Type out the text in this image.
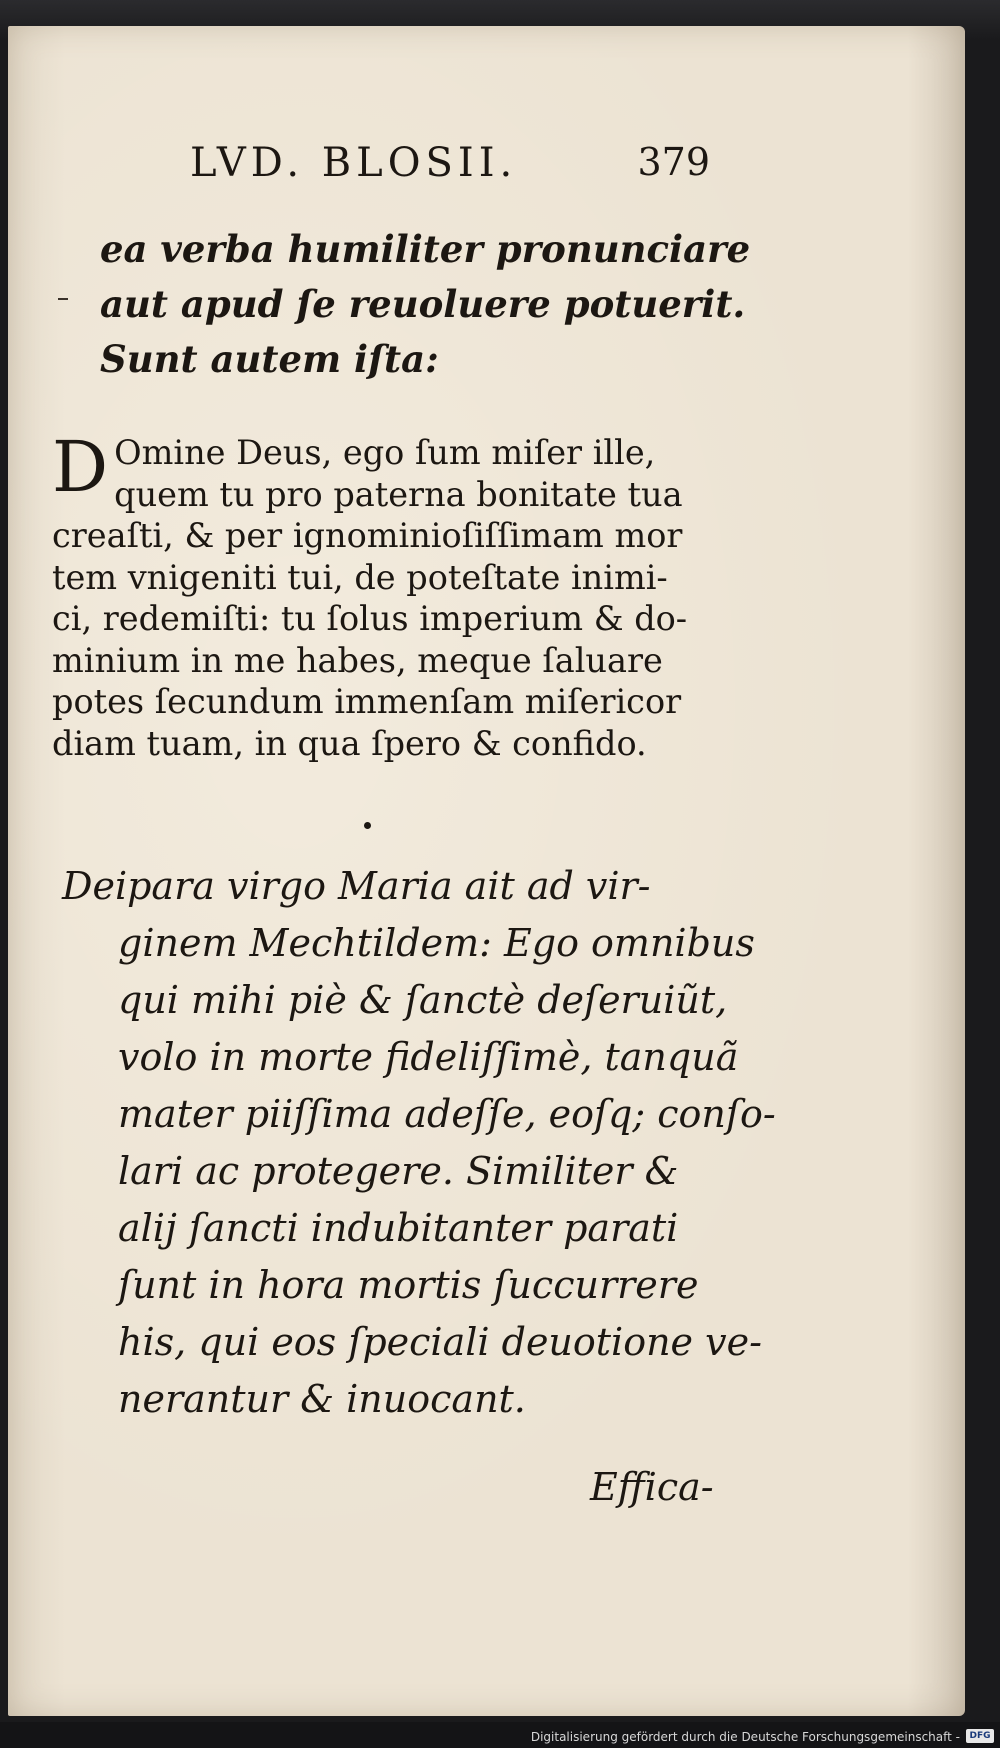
LVD. BLOSII.	379
ea verba humiliter pronunciare
aut apud ſe reuoluere potuerit.
Sunt autem iſta:
D Omine Deus, ego ſum miſer ille,
quem tu pro paterna bonitate tua
creaſti, & per ignominioſiſſimam mor
tem vnigeniti tui, de poteſtate inimi-
ci, redemiſti: tu ſolus imperium & do-
minium in me habes, meque ſaluare
potes ſecundum immenſam miſericor
diam tuam, in qua ſpero & confido.
Deipara virgo Maria ait ad vir-
ginem Mechtildem: Ego omnibus
qui mihi piè & ſanctè deſeruiũt,
volo in morte fideliſſimè, tanquã
mater piiſſima adeſſe, eoſq; conſo-
lari ac protegere. Similiter &
alij ſancti indubitanter parati
ſunt in hora mortis ſuccurrere
his, qui eos ſpeciali deuotione ve-
nerantur & inuocant.
Effica-
Digitalisierung gefördert durch die Deutsche Forschungsgemeinschaft -	DFG
